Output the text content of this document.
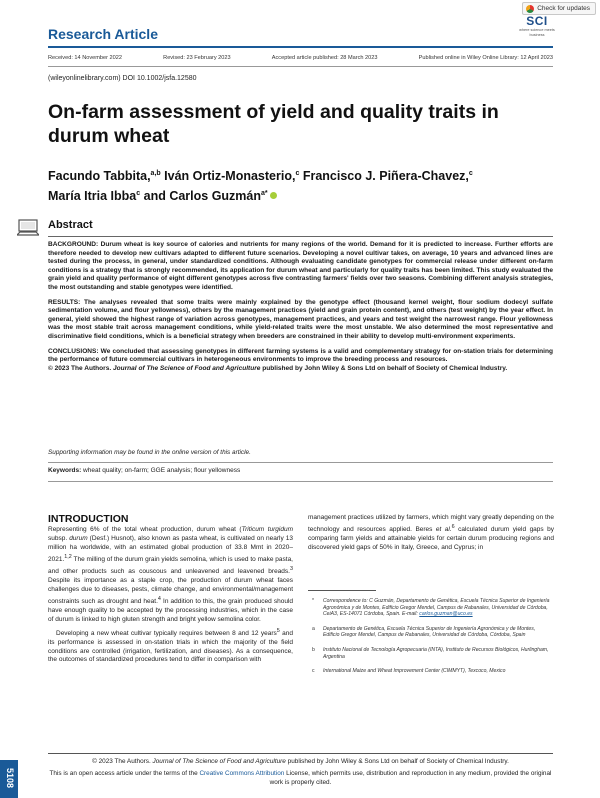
Check for updates
SCI
where science meets business
Research Article
Received: 14 November 2022	Revised: 23 February 2023	Accepted article published: 28 March 2023	Published online in Wiley Online Library: 12 April 2023
(wileyonlinelibrary.com) DOI 10.1002/jsfa.12580
On-farm assessment of yield and quality traits in durum wheat
Facundo Tabbita,$^{a,b}$ Iván Ortiz-Monasterio,$^c$ Francisco J. Piñera-Chavez,$^c$
María Itria Ibba$^c$ and Carlos Guzmán$^{a*}$
Abstract

BACKGROUND: Durum wheat is key source of calories and nutrients for many regions of the world. Demand for it is predicted to increase. Further efforts are therefore needed to develop new cultivars adapted to different future scenarios. Developing a novel cultivar takes, on average, 10 years and advanced lines are tested during the process, in general, under standardized conditions. Although evaluating candidate genotypes for commercial release under different on-farm conditions is a strategy that is strongly recommended, its application for durum wheat and particularly for quality traits has been limited. This study evaluated the grain yield and quality performance of eight different genotypes across five contrasting farmers' fields over two seasons. Combining different analysis strategies, the most outstanding and stable genotypes were identified.

RESULTS: The analyses revealed that some traits were mainly explained by the genotype effect (thousand kernel weight, flour sodium dodecyl sulfate sedimentation volume, and flour yellowness), others by the management practices (yield and grain protein content), and others (test weight) by the year effect. In general, yield showed the highest range of variation across genotypes, management practices, and years and test weight the narrowest range. Flour yellowness was the most stable trait across management conditions, while yield-related traits were the most unstable. We also determined the most representative and discriminative field conditions, which is a beneficial strategy when breeders are constrained in their ability to develop multi-environment experiments.

CONCLUSIONS: We concluded that assessing genotypes in different farming systems is a valid and complementary strategy for on-station trials for determining the performance of future commercial cultivars in heterogeneous environments to improve the breeding process and resources.

© 2023 The Authors. Journal of The Science of Food and Agriculture published by John Wiley & Sons Ltd on behalf of Society of Chemical Industry.

Supporting information may be found in the online version of this article.
Keywords: wheat quality; on-farm; GGE analysis; flour yellowness
INTRODUCTION

Representing 6% of the total wheat production, durum wheat (Triticum turgidum subsp. durum (Desf.) Husnot), also known as pasta wheat, is cultivated on nearly 13 million ha worldwide, with an estimated global production of 33.8 Mmt in 2020–2021.$^{1,2}$ The milling of the durum grain yields semolina, which is used to make pasta, and other products such as couscous and unleavened and leavened breads.$^3$ Despite its importance as a staple crop, the production of durum wheat faces challenges due to diseases, pests, climate change, and environmental/management constraints such as drought and heat.$^4$ In addition to this, the grain produced should have enough quality to be accepted by the processing industries, which in the case of durum is linked to high gluten strength and bright yellow semolina color.

Developing a new wheat cultivar typically requires between 8 and 12 years$^5$ and its performance is assessed in on-station trials in which the majority of the field conditions are controlled (irrigation, fertilization, and diseases). As a consequence, the outcomes of standardized procedures tend to differ in comparison with

management practices utilized by farmers, which might vary greatly depending on the technology and resources applied. Beres et al.$^6$ calculated durum yield gaps by comparing farm yields and attainable yields for certain durum producing regions and discovered yield gaps of 50% in Italy, Greece, and Cyprus; in
*	Correspondence to: C Guzmán, Departamento de Genética, Escuela Técnica Superior de Ingeniería Agronómica y de Montes, Edificio Gregor Mendel, Campus de Rabanales, Universidad de Córdoba, CeiA3, ES-14071 Córdoba, Spain. E-mail: carlos.guzman@uco.es
a	Departamento de Genética, Escuela Técnica Superior de Ingeniería Agronómica y de Montes, Edificio Gregor Mendel, Campus de Rabanales, Universidad de Córdoba, Córdoba, Spain
b	Instituto Nacional de Tecnología Agropecuaria (INTA), Instituto de Recursos Biológicos, Hurlingham, Argentina
c	International Maize and Wheat Improvement Center (CIMMYT), Texcoco, Mexico
© 2023 The Authors. Journal of The Science of Food and Agriculture published by John Wiley & Sons Ltd on behalf of Society of Chemical Industry.
This is an open access article under the terms of the Creative Commons Attribution License, which permits use, distribution and reproduction in any medium, provided the original work is properly cited.
5108
